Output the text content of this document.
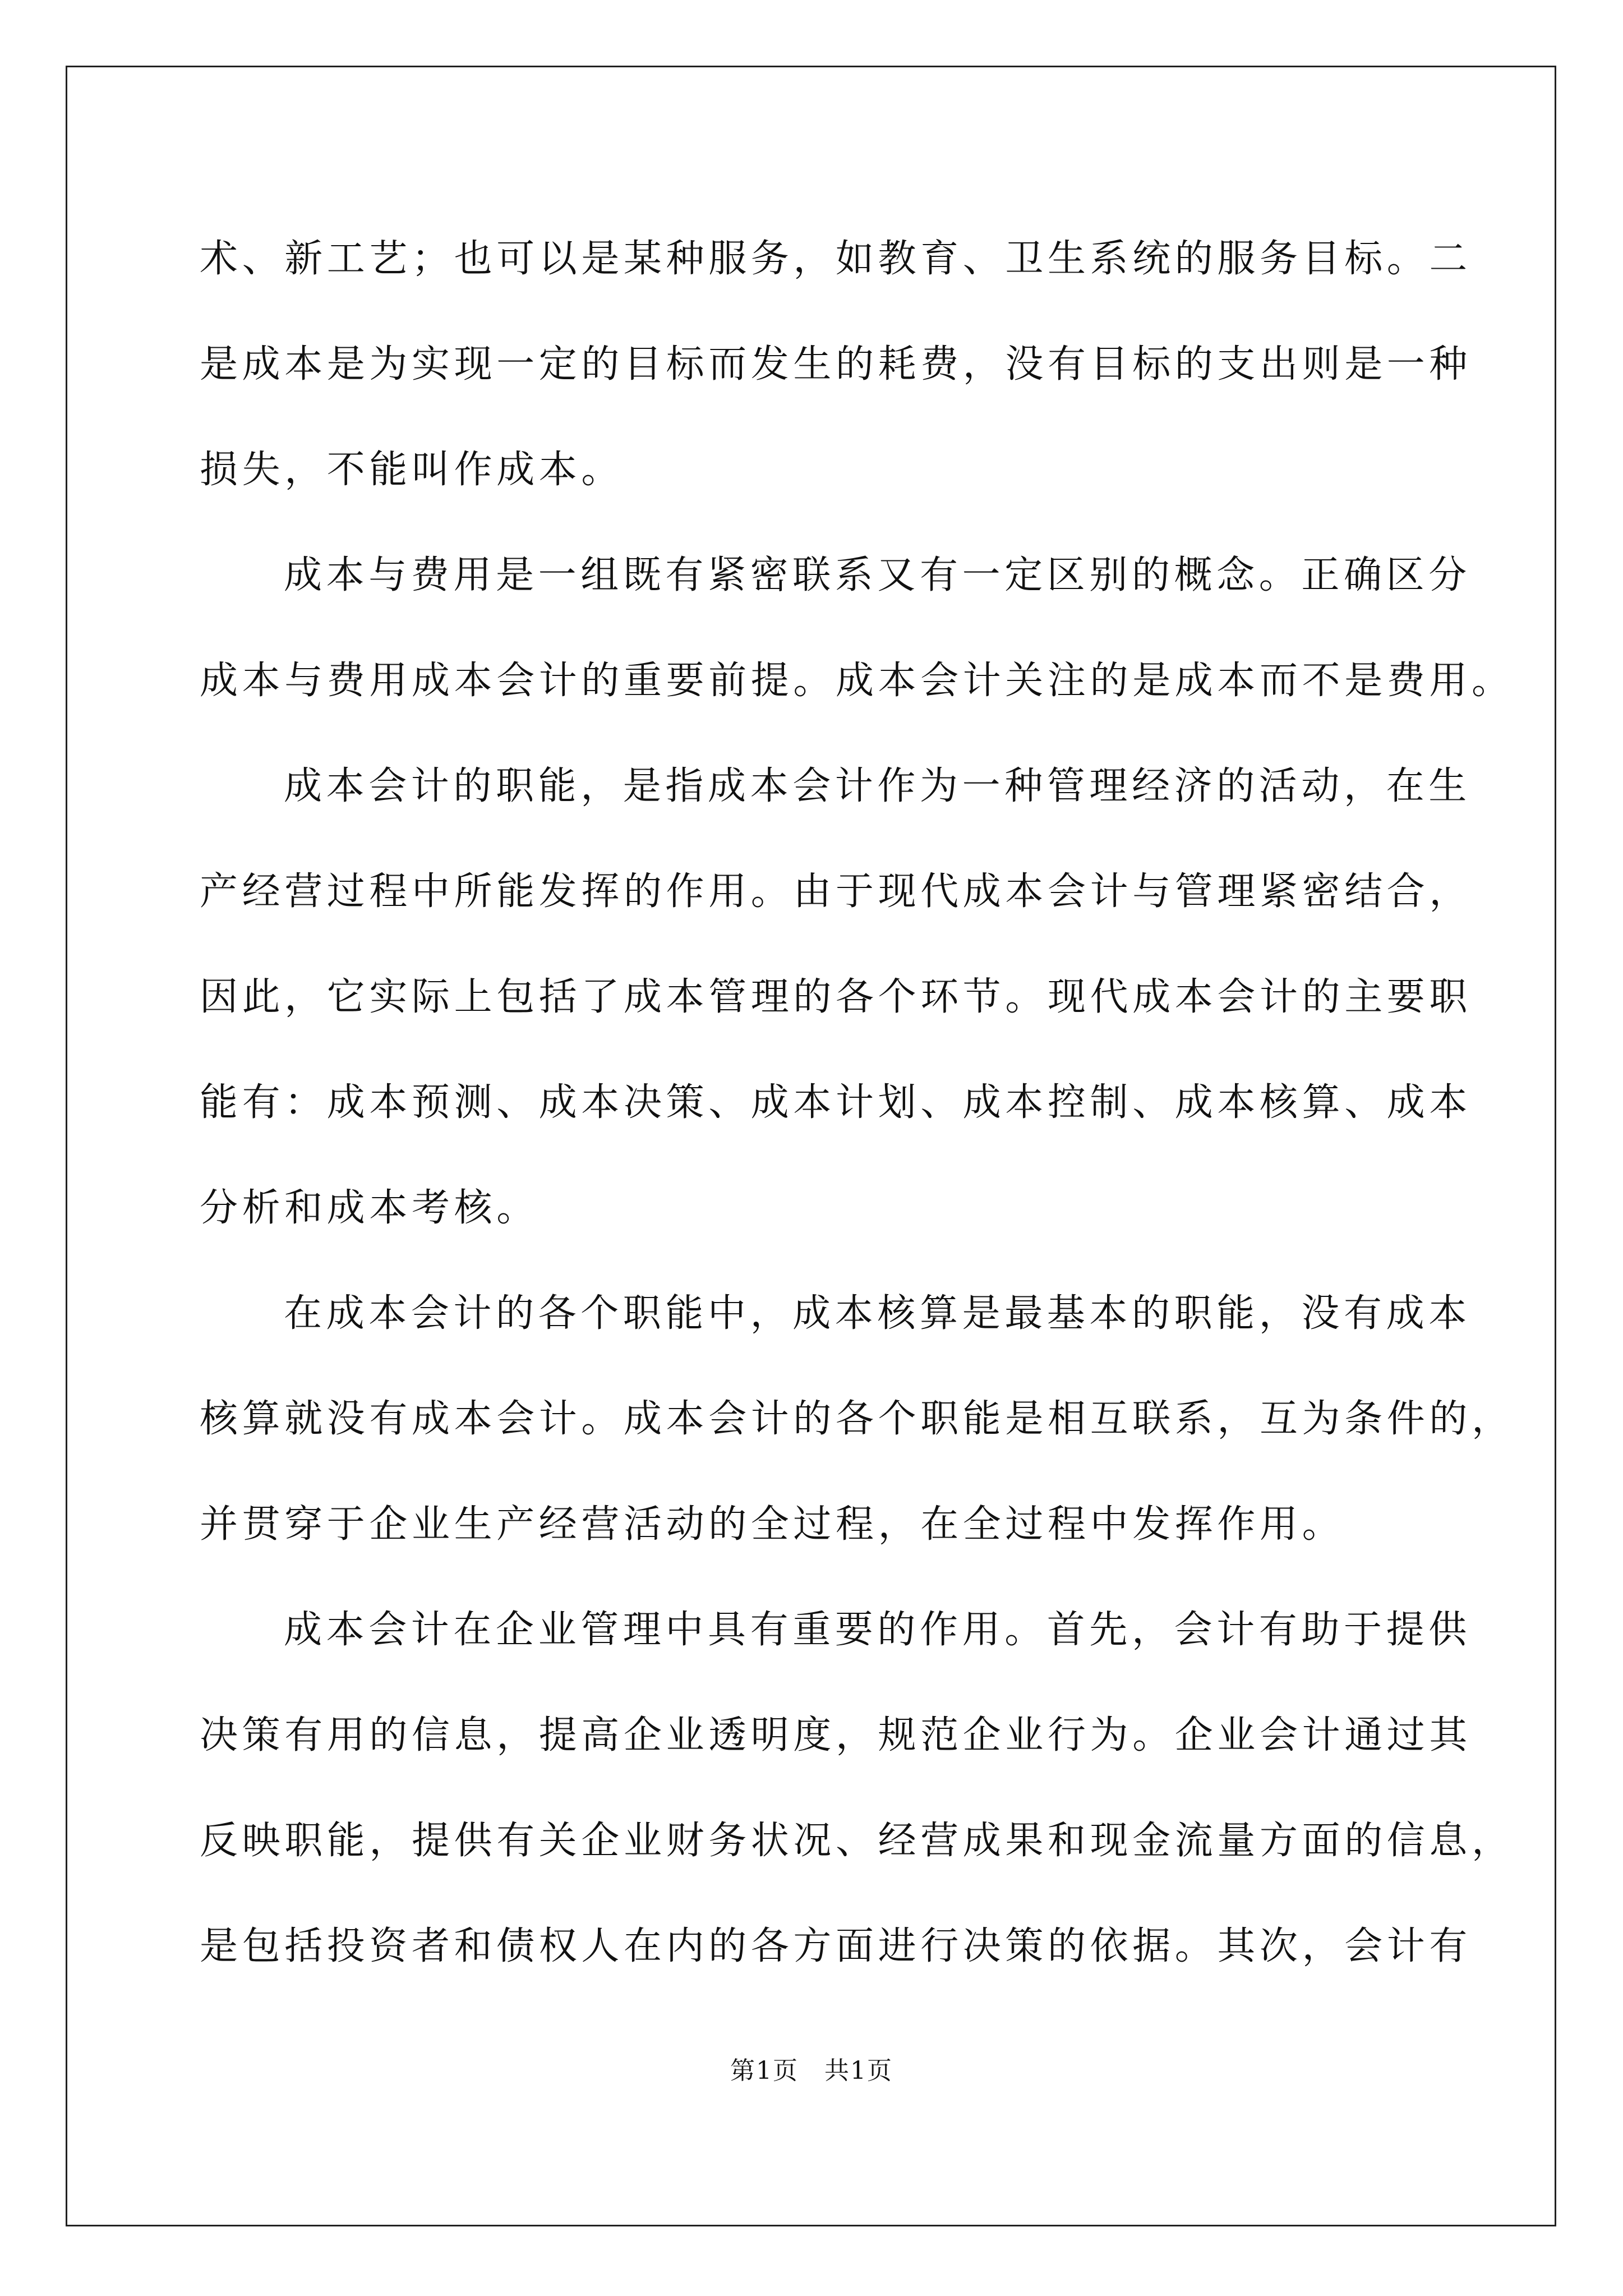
术、新工艺；也可以是某种服务，如教育、卫生系统的服务目标。二
是成本是为实现一定的目标而发生的耗费，没有目标的支出则是一种
损失，不能叫作成本。
成本与费用是一组既有紧密联系又有一定区别的概念。正确区分
成本与费用成本会计的重要前提。成本会计关注的是成本而不是费用。
成本会计的职能，是指成本会计作为一种管理经济的活动，在生
产经营过程中所能发挥的作用。由于现代成本会计与管理紧密结合，
因此，它实际上包括了成本管理的各个环节。现代成本会计的主要职
能有：成本预测、成本决策、成本计划、成本控制、成本核算、成本
分析和成本考核。
在成本会计的各个职能中，成本核算是最基本的职能，没有成本
核算就没有成本会计。成本会计的各个职能是相互联系，互为条件的，
并贯穿于企业生产经营活动的全过程，在全过程中发挥作用。
成本会计在企业管理中具有重要的作用。首先，会计有助于提供
决策有用的信息，提高企业透明度，规范企业行为。企业会计通过其
反映职能，提供有关企业财务状况、经营成果和现金流量方面的信息，
是包括投资者和债权人在内的各方面进行决策的依据。其次，会计有
第1页 共1页
